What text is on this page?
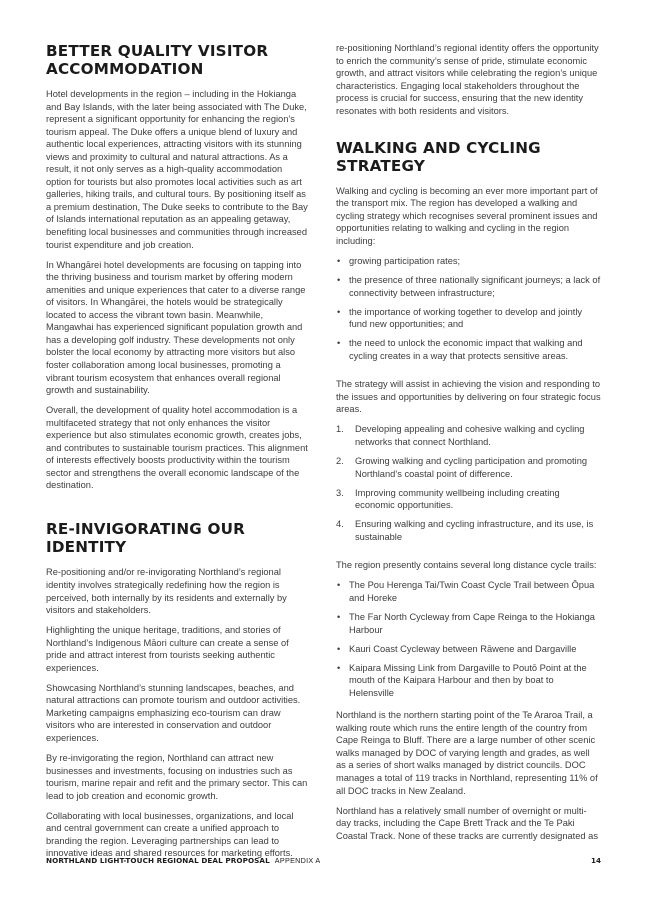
BETTER QUALITY VISITOR ACCOMMODATION

Hotel developments in the region – including in the Hokianga and Bay Islands, with the later being associated with The Duke, represent a significant opportunity for enhancing the region’s tourism appeal. The Duke offers a unique blend of luxury and authentic local experiences, attracting visitors with its stunning views and proximity to cultural and natural attractions. As a result, it not only serves as a high-quality accommodation option for tourists but also promotes local activities such as art galleries, hiking trails, and cultural tours. By positioning itself as a premium destination, The Duke seeks to contribute to the Bay of Islands international reputation as an appealing getaway, benefiting local businesses and communities through increased tourist expenditure and job creation.

In Whangārei hotel developments are focusing on tapping into the thriving business and tourism market by offering modern amenities and unique experiences that cater to a diverse range of visitors. In Whangārei, the hotels would be strategically located to access the vibrant town basin. Meanwhile, Mangawhai has experienced significant population growth and has a developing golf industry. These developments not only bolster the local economy by attracting more visitors but also foster collaboration among local businesses, promoting a vibrant tourism ecosystem that enhances overall regional growth and sustainability.

Overall, the development of quality hotel accommodation is a multifaceted strategy that not only enhances the visitor experience but also stimulates economic growth, creates jobs, and contributes to sustainable tourism practices. This alignment of interests effectively boosts productivity within the tourism sector and strengthens the overall economic landscape of the destination.

RE-INVIGORATING OUR IDENTITY

Re-positioning and/or re-invigorating Northland’s regional identity involves strategically redefining how the region is perceived, both internally by its residents and externally by visitors and stakeholders.

Highlighting the unique heritage, traditions, and stories of Northland’s Indigenous Māori culture can create a sense of pride and attract interest from tourists seeking authentic experiences.

Showcasing Northland’s stunning landscapes, beaches, and natural attractions can promote tourism and outdoor activities. Marketing campaigns emphasizing eco-tourism can draw visitors who are interested in conservation and outdoor experiences.

By re-invigorating the region, Northland can attract new businesses and investments, focusing on industries such as tourism, marine repair and refit and the primary sector. This can lead to job creation and economic growth.

Collaborating with local businesses, organizations, and local and central government can create a unified approach to branding the region. Leveraging partnerships can lead to innovative ideas and shared resources for marketing efforts.

re-positioning Northland’s regional identity offers the opportunity to enrich the community’s sense of pride, stimulate economic growth, and attract visitors while celebrating the region’s unique characteristics. Engaging local stakeholders throughout the process is crucial for success, ensuring that the new identity resonates with both residents and visitors.

WALKING AND CYCLING STRATEGY

Walking and cycling is becoming an ever more important part of the transport mix. The region has developed a walking and cycling strategy which recognises several prominent issues and opportunities relating to walking and cycling in the region including:

• growing participation rates;
• the presence of three nationally significant journeys; a lack of connectivity between infrastructure;
• the importance of working together to develop and jointly fund new opportunities; and
• the need to unlock the economic impact that walking and cycling creates in a way that protects sensitive areas.

The strategy will assist in achieving the vision and responding to the issues and opportunities by delivering on four strategic focus areas.

1. Developing appealing and cohesive walking and cycling networks that connect Northland.
2. Growing walking and cycling participation and promoting Northland’s coastal point of difference.
3. Improving community wellbeing including creating economic opportunities.
4. Ensuring walking and cycling infrastructure, and its use, is sustainable

The region presently contains several long distance cycle trails:

• The Pou Herenga Tai/Twin Coast Cycle Trail between Ōpua and Horeke
• The Far North Cycleway from Cape Reinga to the Hokianga Harbour
• Kauri Coast Cycleway between Rāwene and Dargaville
• Kaipara Missing Link from Dargaville to Poutō Point at the mouth of the Kaipara Harbour and then by boat to Helensville

Northland is the northern starting point of the Te Araroa Trail, a walking route which runs the entire length of the country from Cape Reinga to Bluff. There are a large number of other scenic walks managed by DOC of varying length and grades, as well as a series of short walks managed by district councils. DOC manages a total of 119 tracks in Northland, representing 11% of all DOC tracks in New Zealand.

Northland has a relatively small number of overnight or multi-day tracks, including the Cape Brett Track and the Te Paki Coastal Track. None of these tracks are currently designated as

NORTHLAND LIGHT-TOUCH REGIONAL DEAL PROPOSAL APPENDIX A	14
